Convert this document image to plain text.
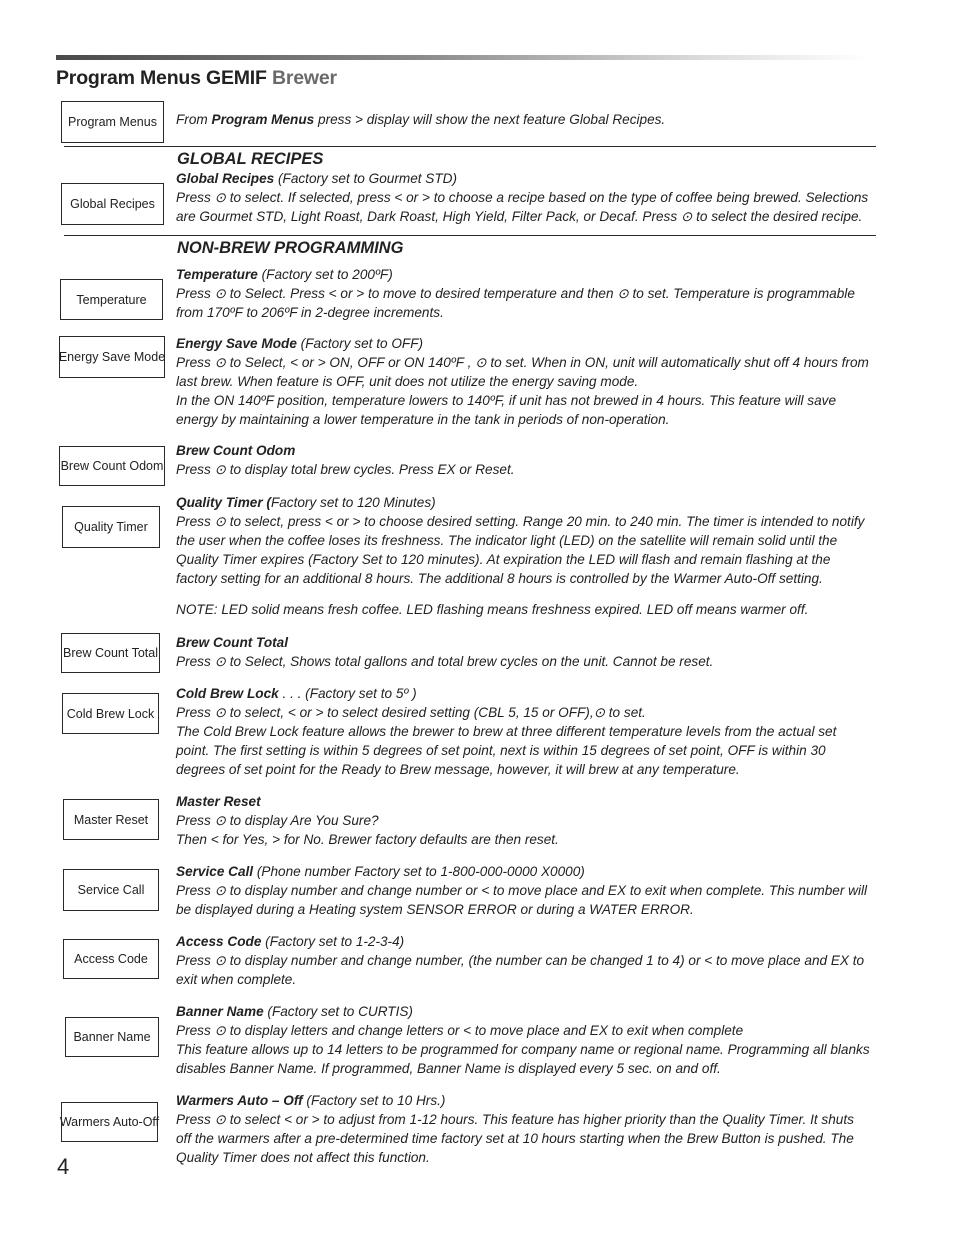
Program Menus GEMIF Brewer
Program Menus	From Program Menus press > display will show the next feature Global Recipes.

GLOBAL RECIPES
Global Recipes

Global Recipes (Factory set to Gourmet STD)

Press ⊙ to select. If selected, press < or > to choose a recipe based on the type of coffee being brewed. Selections are Gourmet STD, Light Roast, Dark Roast, High Yield, Filter Pack, or Decaf. Press ⊙ to select the desired recipe.

NON-BREW PROGRAMMING
Temperature

Temperature (Factory set to 200ºF)

Press ⊙ to Select. Press < or > to move to desired temperature and then ⊙ to set. Temperature is programmable from 170ºF to 206ºF in 2-degree increments.

Energy Save Mode

Energy Save Mode (Factory set to OFF)

Press ⊙ to Select, < or > ON, OFF or ON 140ºF , ⊙ to set. When in ON, unit will automatically shut off 4 hours from last brew. When feature is OFF, unit does not utilize the energy saving mode.

In the ON 140ºF position, temperature lowers to 140ºF, if unit has not brewed in 4 hours. This feature will save energy by maintaining a lower temperature in the tank in periods of non-operation.

Brew Count Odom

Brew Count Odom

Press ⊙ to display total brew cycles. Press EX or Reset.

Quality Timer

Quality Timer (Factory set to 120 Minutes)

Press ⊙ to select, press < or > to choose desired setting. Range 20 min. to 240 min. The timer is intended to notify the user when the coffee loses its freshness. The indicator light (LED) on the satellite will remain solid until the Quality Timer expires (Factory Set to 120 minutes). At expiration the LED will flash and remain flashing at the factory setting for an additional 8 hours. The additional 8 hours is controlled by the Warmer Auto-Off setting.

NOTE: LED solid means fresh coffee. LED flashing means freshness expired. LED off means warmer off.

Brew Count Total

Brew Count Total

Press ⊙ to Select, Shows total gallons and total brew cycles on the unit. Cannot be reset.

Cold Brew Lock

Cold Brew Lock . . . (Factory set to 5º )

Press ⊙ to select, < or > to select desired setting (CBL 5, 15 or OFF),⊙ to set.

The Cold Brew Lock feature allows the brewer to brew at three different temperature levels from the actual set point. The first setting is within 5 degrees of set point, next is within 15 degrees of set point, OFF is within 30 degrees of set point for the Ready to Brew message, however, it will brew at any temperature.

Master Reset

Master Reset

Press ⊙ to display Are You Sure?

Then < for Yes, > for No. Brewer factory defaults are then reset.

Service Call

Service Call (Phone number Factory set to 1-800-000-0000 X0000)

Press ⊙ to display number and change number or < to move place and EX to exit when complete. This number will be displayed during a Heating system SENSOR ERROR or during a WATER ERROR.

Access Code

Access Code (Factory set to 1-2-3-4)

Press ⊙ to display number and change number, (the number can be changed 1 to 4) or < to move place and EX to exit when complete.

Banner Name

Banner Name (Factory set to CURTIS)

Press ⊙ to display letters and change letters or < to move place and EX to exit when complete

This feature allows up to 14 letters to be programmed for company name or regional name. Programming all blanks disables Banner Name. If programmed, Banner Name is displayed every 5 sec. on and off.

Warmers Auto-Off

Warmers Auto – Off (Factory set to 10 Hrs.)

Press ⊙ to select < or > to adjust from 1-12 hours. This feature has higher priority than the Quality Timer. It shuts off the warmers after a pre-determined time factory set at 10 hours starting when the Brew Button is pushed. The Quality Timer does not affect this function.

4
